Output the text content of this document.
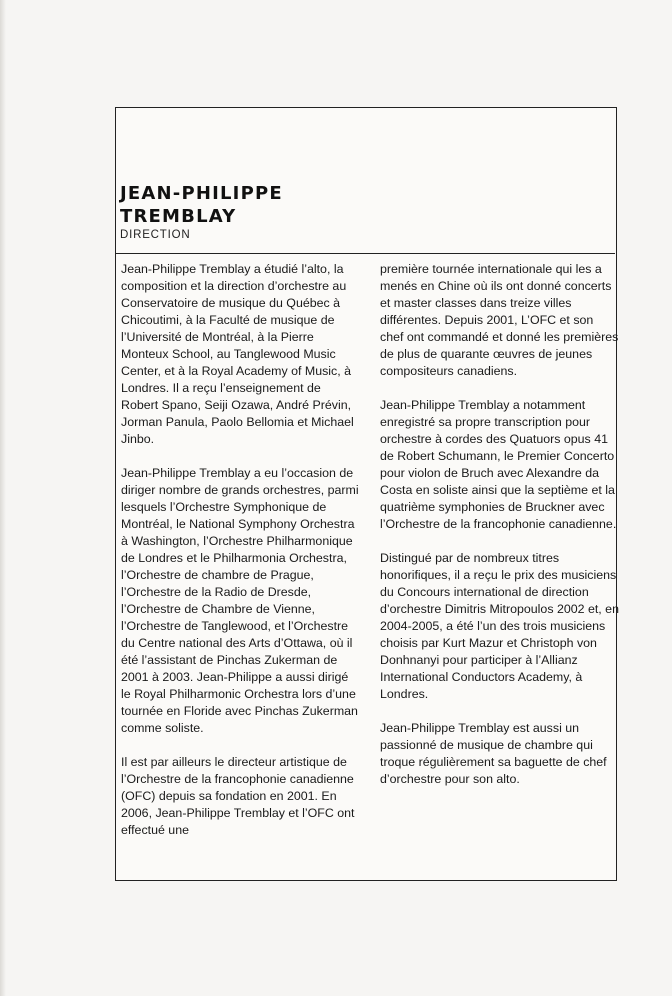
JEAN-PHILIPPE
TREMBLAY

DIRECTION

Jean-Philippe Tremblay a étudié l’alto, la composition et la direction d’orchestre au Conservatoire de musique du Québec à Chicoutimi, à la Faculté de musique de l’Université de Montréal, à la Pierre Monteux School, au Tanglewood Music Center, et à la Royal Academy of Music, à Londres. Il a reçu l’enseignement de Robert Spano, Seiji Ozawa, André Prévin, Jorman Panula, Paolo Bellomia et Michael Jinbo.

Jean-Philippe Tremblay a eu l’occasion de diriger nombre de grands orchestres, parmi lesquels l’Orchestre Symphonique de Montréal, le National Symphony Orchestra à Washington, l’Orchestre Philharmonique de Londres et le Philharmonia Orchestra, l’Orchestre de chambre de Prague, l’Orchestre de la Radio de Dresde, l’Orchestre de Chambre de Vienne, l’Orchestre de Tanglewood, et l’Orchestre du Centre national des Arts d’Ottawa, où il été l’assistant de Pinchas Zukerman de 2001 à 2003. Jean-Philippe a aussi dirigé le Royal Philharmonic Orchestra lors d’une tournée en Floride avec Pinchas Zukerman comme soliste.

Il est par ailleurs le directeur artistique de l’Orchestre de la francophonie canadienne (OFC) depuis sa fondation en 2001. En 2006, Jean-Philippe Tremblay et l’OFC ont effectué une

première tournée internationale qui les a menés en Chine où ils ont donné concerts et master classes dans treize villes différentes. Depuis 2001, L’OFC et son chef ont commandé et donné les premières de plus de quarante œuvres de jeunes compositeurs canadiens.

Jean-Philippe Tremblay a notamment enregistré sa propre transcription pour orchestre à cordes des Quatuors opus 41 de Robert Schumann, le Premier Concerto pour violon de Bruch avec Alexandre da Costa en soliste ainsi que la septième et la quatrième symphonies de Bruckner avec l’Orchestre de la francophonie canadienne.

Distingué par de nombreux titres honorifiques, il a reçu le prix des musiciens du Concours international de direction d’orchestre Dimitris Mitropoulos 2002 et, en 2004-2005, a été l’un des trois musiciens choisis par Kurt Mazur et Christoph von Donhnanyi pour participer à l’Allianz International Conductors Academy, à Londres.

Jean-Philippe Tremblay est aussi un passionné de musique de chambre qui troque régulièrement sa baguette de chef d’orchestre pour son alto.
